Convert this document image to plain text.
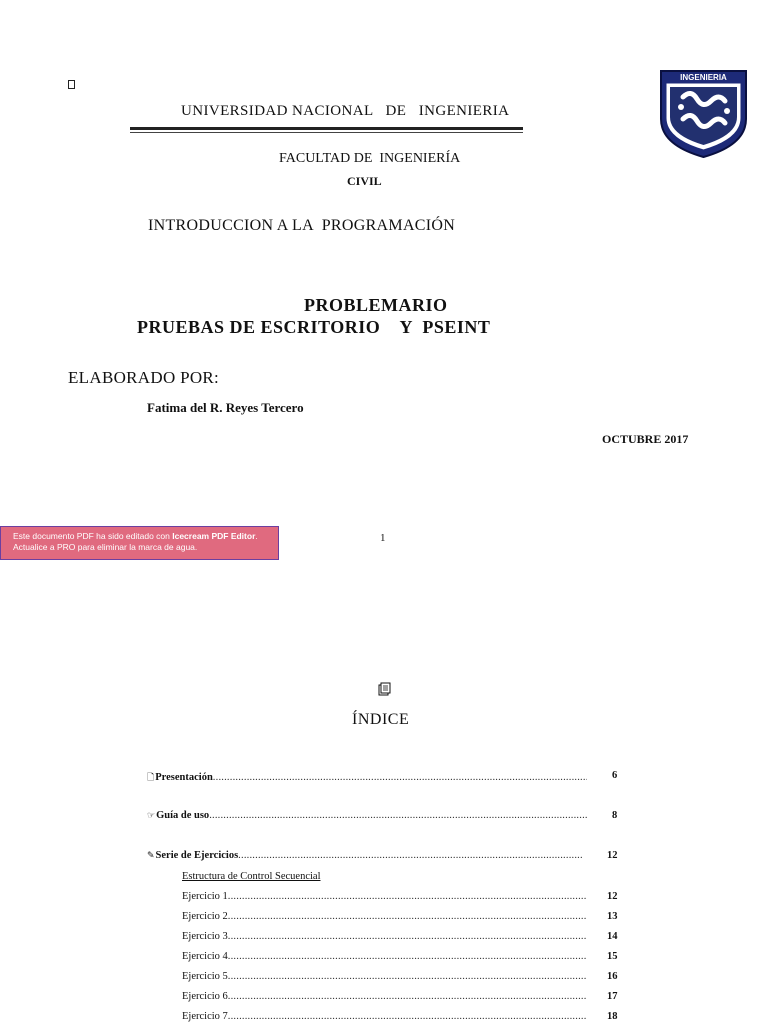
UNIVERSIDAD NACIONAL   DE   INGENIERIA
INGENIERIA
FACULTAD DE  INGENIERÍA
CIVIL
INTRODUCCION A LA  PROGRAMACIÓN
PROBLEMARIO
PRUEBAS DE ESCRITORIO    Y  PSEINT
ELABORADO POR:
Fatima del R. Reyes Tercero
OCTUBRE 2017
Este documento PDF ha sido editado con Icecream PDF Editor.
Actualice a PRO para eliminar la marca de agua.
1
ÍNDICE
🗋 Presentación .....	6
☞ Guía de uso .....	8
✎ Serie de Ejercicios .....	12
Estructura de Control Secuencial
Ejercicio 1 .....	12
Ejercicio 2 .....	13
Ejercicio 3 .....	14
Ejercicio 4 .....	15
Ejercicio 5 .....	16
Ejercicio 6 .....	17
Ejercicio 7 .....	18
